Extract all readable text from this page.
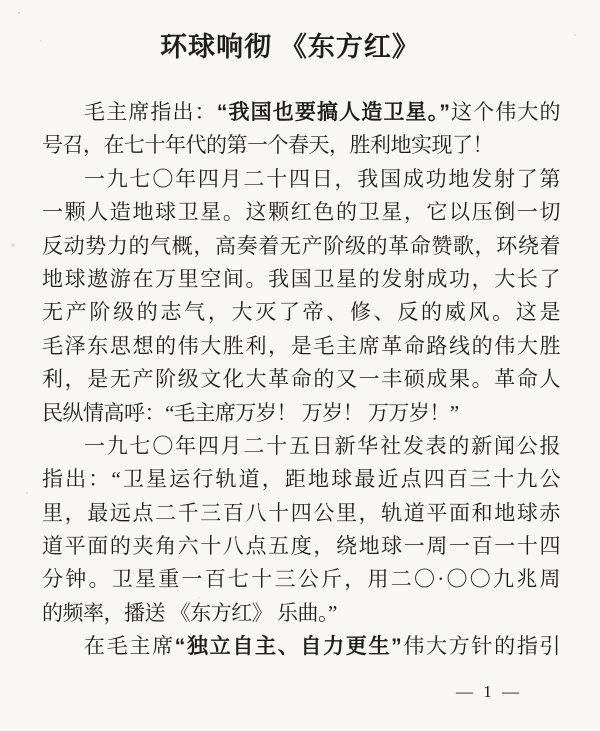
环球响彻 《东方红》
毛主席指出：“我国也要搞人造卫星。”这个伟大的
号召，在七十年代的第一个春天，胜利地实现了！
一九七〇年四月二十四日，我国成功地发射了第
一颗人造地球卫星。这颗红色的卫星，它以压倒一切
反动势力的气概，高奏着无产阶级的革命赞歌，环绕着
地球遨游在万里空间。我国卫星的发射成功，大长了
无产阶级的志气，大灭了帝、修、反的威风。这是
毛泽东思想的伟大胜利，是毛主席革命路线的伟大胜
利，是无产阶级文化大革命的又一丰硕成果。革命人
民纵情高呼：“毛主席万岁！ 万岁！ 万万岁！”
一九七〇年四月二十五日新华社发表的新闻公报
指出：“卫星运行轨道，距地球最近点四百三十九公
里，最远点二千三百八十四公里，轨道平面和地球赤
道平面的夹角六十八点五度，绕地球一周一百一十四
分钟。卫星重一百七十三公斤，用二〇·〇〇九兆周
的频率，播送 《东方红》 乐曲。”
在毛主席“独立自主、自力更生”伟大方针的指引
— 1 —
